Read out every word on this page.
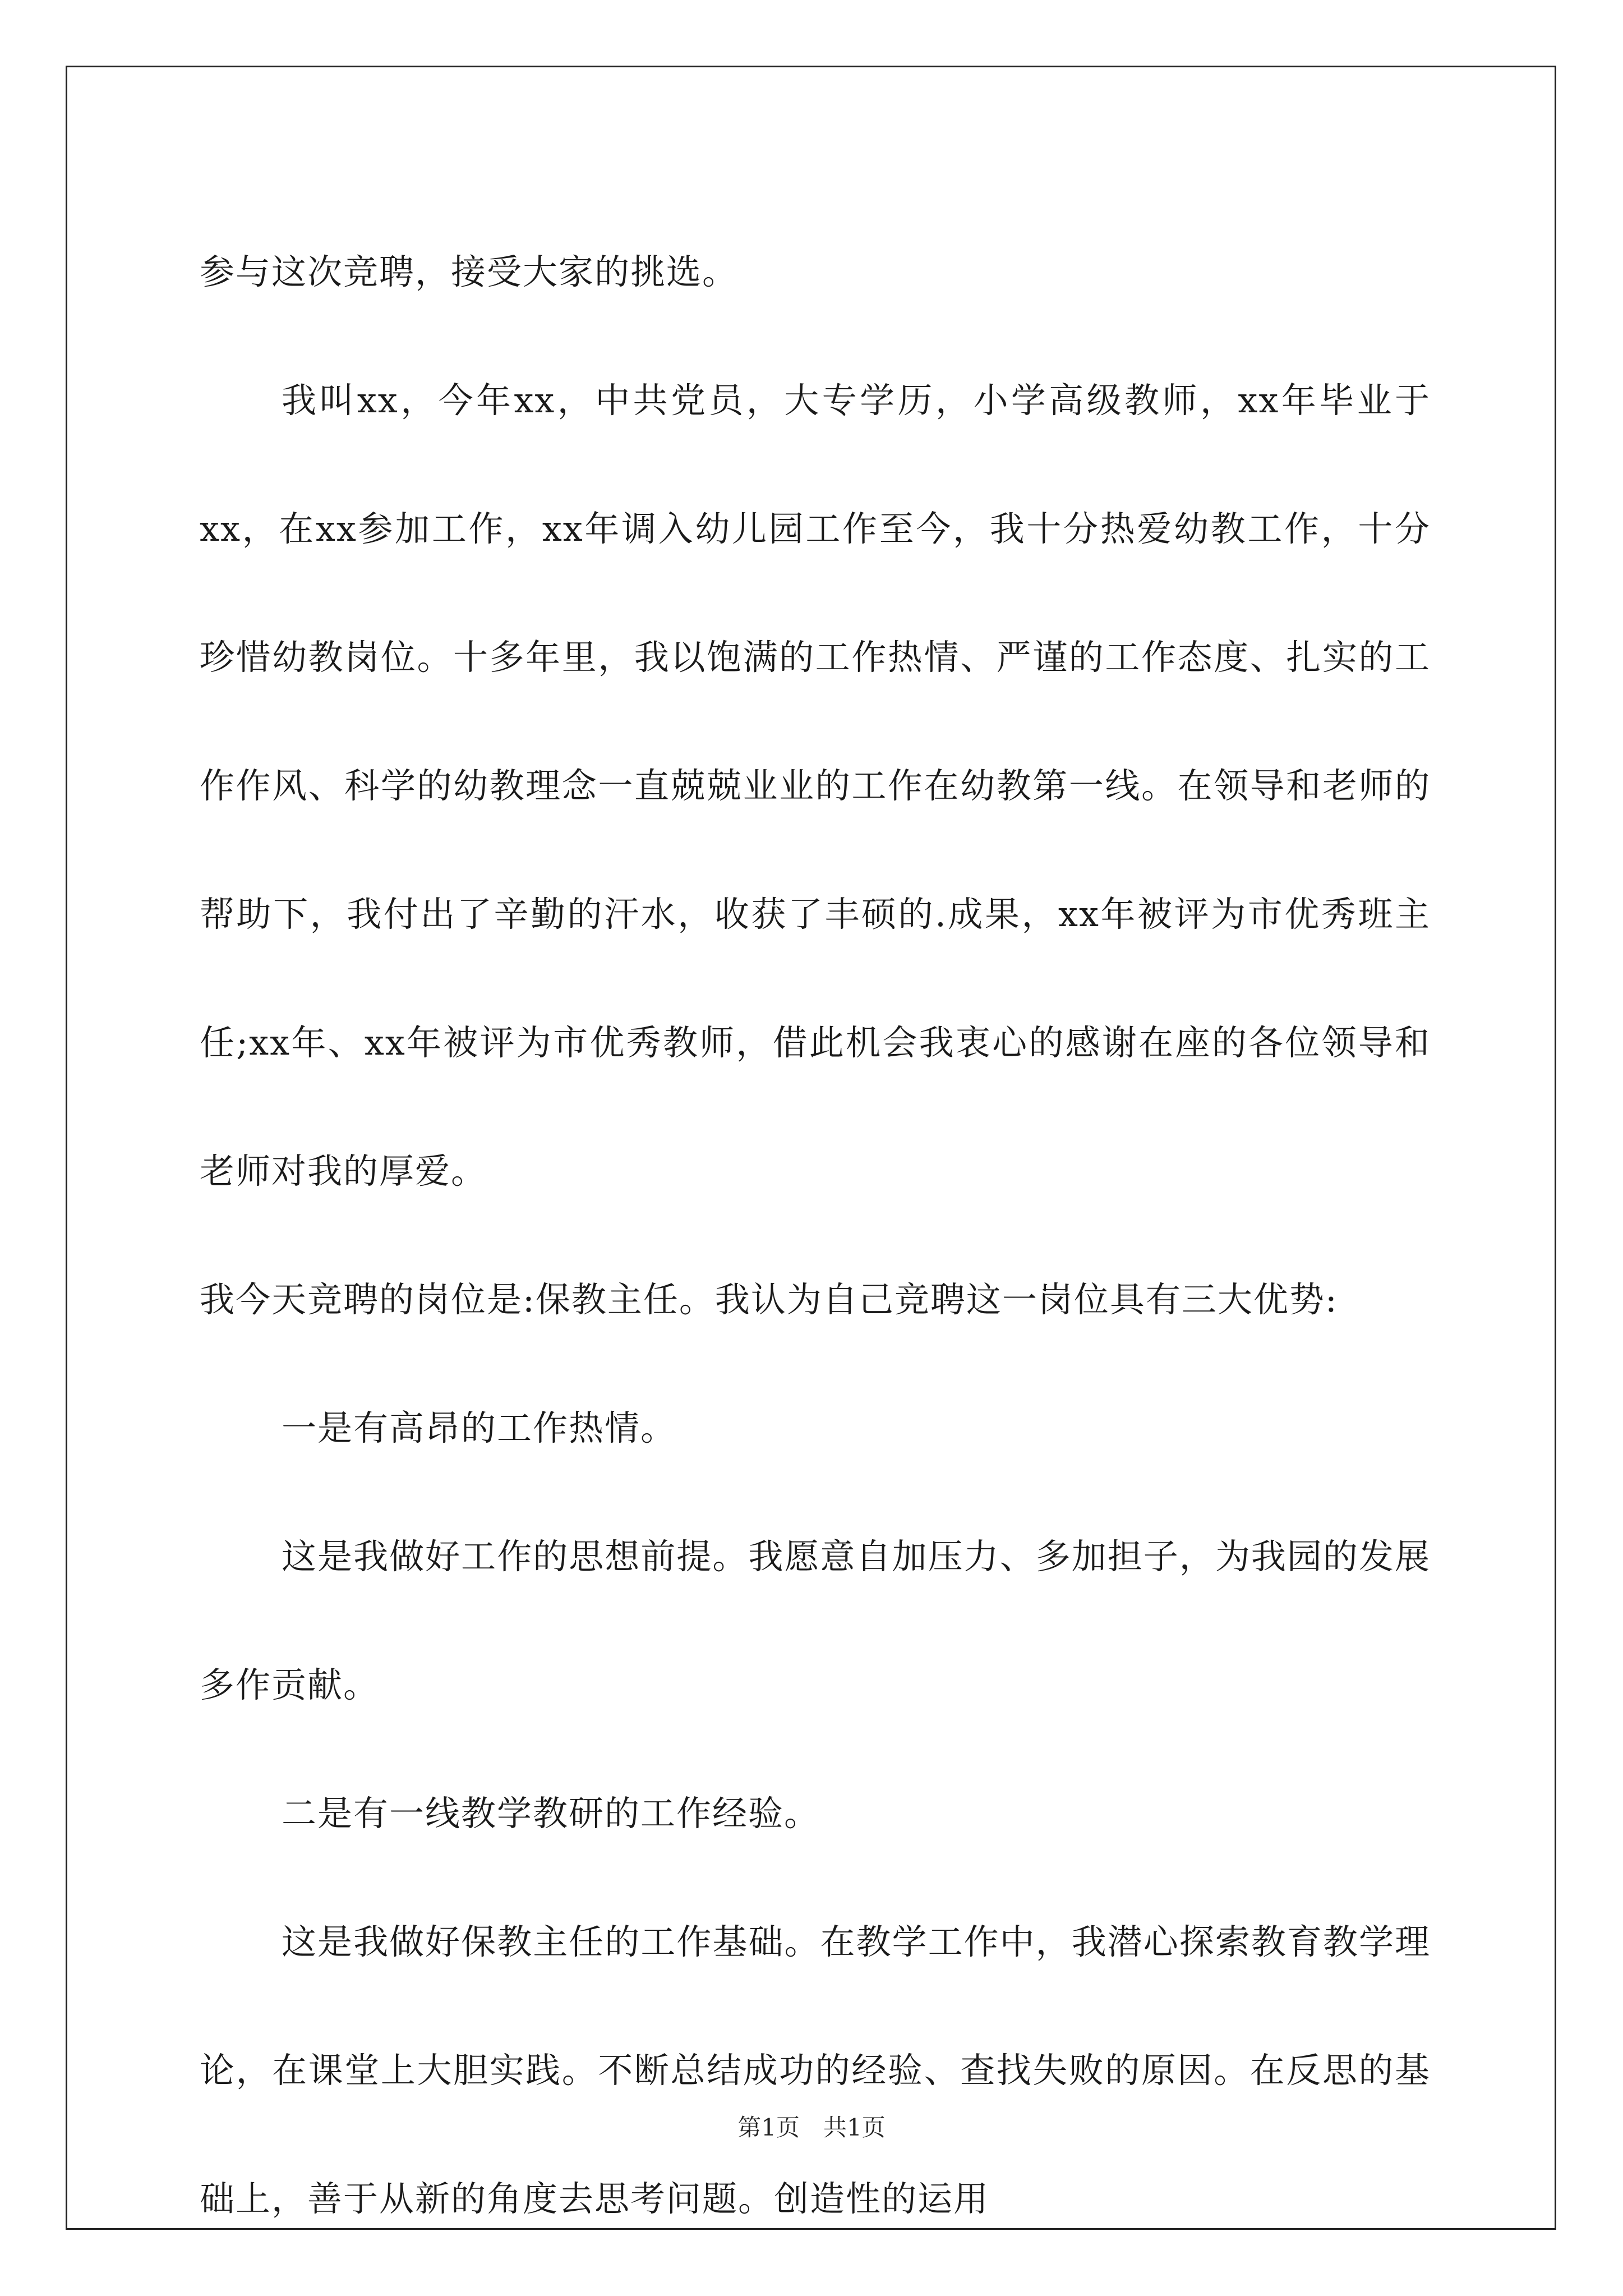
参与这次竞聘，接受大家的挑选。

我叫xx，今年xx，中共党员，大专学历，小学高级教师，xx年毕业于xx，在xx参加工作，xx年调入幼儿园工作至今，我十分热爱幼教工作，十分珍惜幼教岗位。十多年里，我以饱满的工作热情、严谨的工作态度、扎实的工作作风、科学的幼教理念一直兢兢业业的工作在幼教第一线。在领导和老师的帮助下，我付出了辛勤的汗水，收获了丰硕的.成果，xx年被评为市优秀班主任;xx年、xx年被评为市优秀教师，借此机会我衷心的感谢在座的各位领导和老师对我的厚爱。

我今天竞聘的岗位是:保教主任。我认为自己竞聘这一岗位具有三大优势:

一是有高昂的工作热情。

这是我做好工作的思想前提。我愿意自加压力、多加担子，为我园的发展多作贡献。

二是有一线教学教研的工作经验。

这是我做好保教主任的工作基础。在教学工作中，我潜心探索教育教学理论，在课堂上大胆实践。不断总结成功的经验、查找失败的原因。在反思的基础上，善于从新的角度去思考问题。创造性的运用

第1页　共1页
